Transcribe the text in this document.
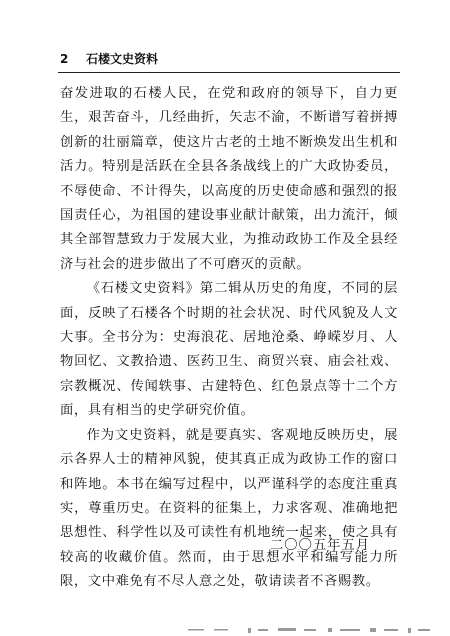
2 石楼文史资料

奋发进取的石楼人民，在党和政府的领导下，自力更生，艰苦奋斗，几经曲折，矢志不渝，不断谱写着拼搏创新的壮丽篇章，使这片古老的土地不断焕发出生机和活力。特别是活跃在全县各条战线上的广大政协委员，不辱使命、不计得失，以高度的历史使命感和强烈的报国责任心，为祖国的建设事业献计献策，出力流汗，倾其全部智慧致力于发展大业，为推动政协工作及全县经济与社会的进步做出了不可磨灭的贡献。

《石楼文史资料》第二辑从历史的角度，不同的层面，反映了石楼各个时期的社会状况、时代风貌及人文大事。全书分为：史海浪花、居地沧桑、峥嵘岁月、人物回忆、文教拾遗、医药卫生、商贸兴衰、庙会社戏、宗教概况、传闻轶事、古建特色、红色景点等十二个方面，具有相当的史学研究价值。

作为文史资料，就是要真实、客观地反映历史，展示各界人士的精神风貌，使其真正成为政协工作的窗口和阵地。本书在编写过程中，以严谨科学的态度注重真实，尊重历史。在资料的征集上，力求客观、准确地把思想性、科学性以及可读性有机地统一起来，使之具有较高的收藏价值。然而，由于思想水平和编写能力所限，文中难免有不尽人意之处，敬请读者不吝赐教。

二〇〇五年五月
